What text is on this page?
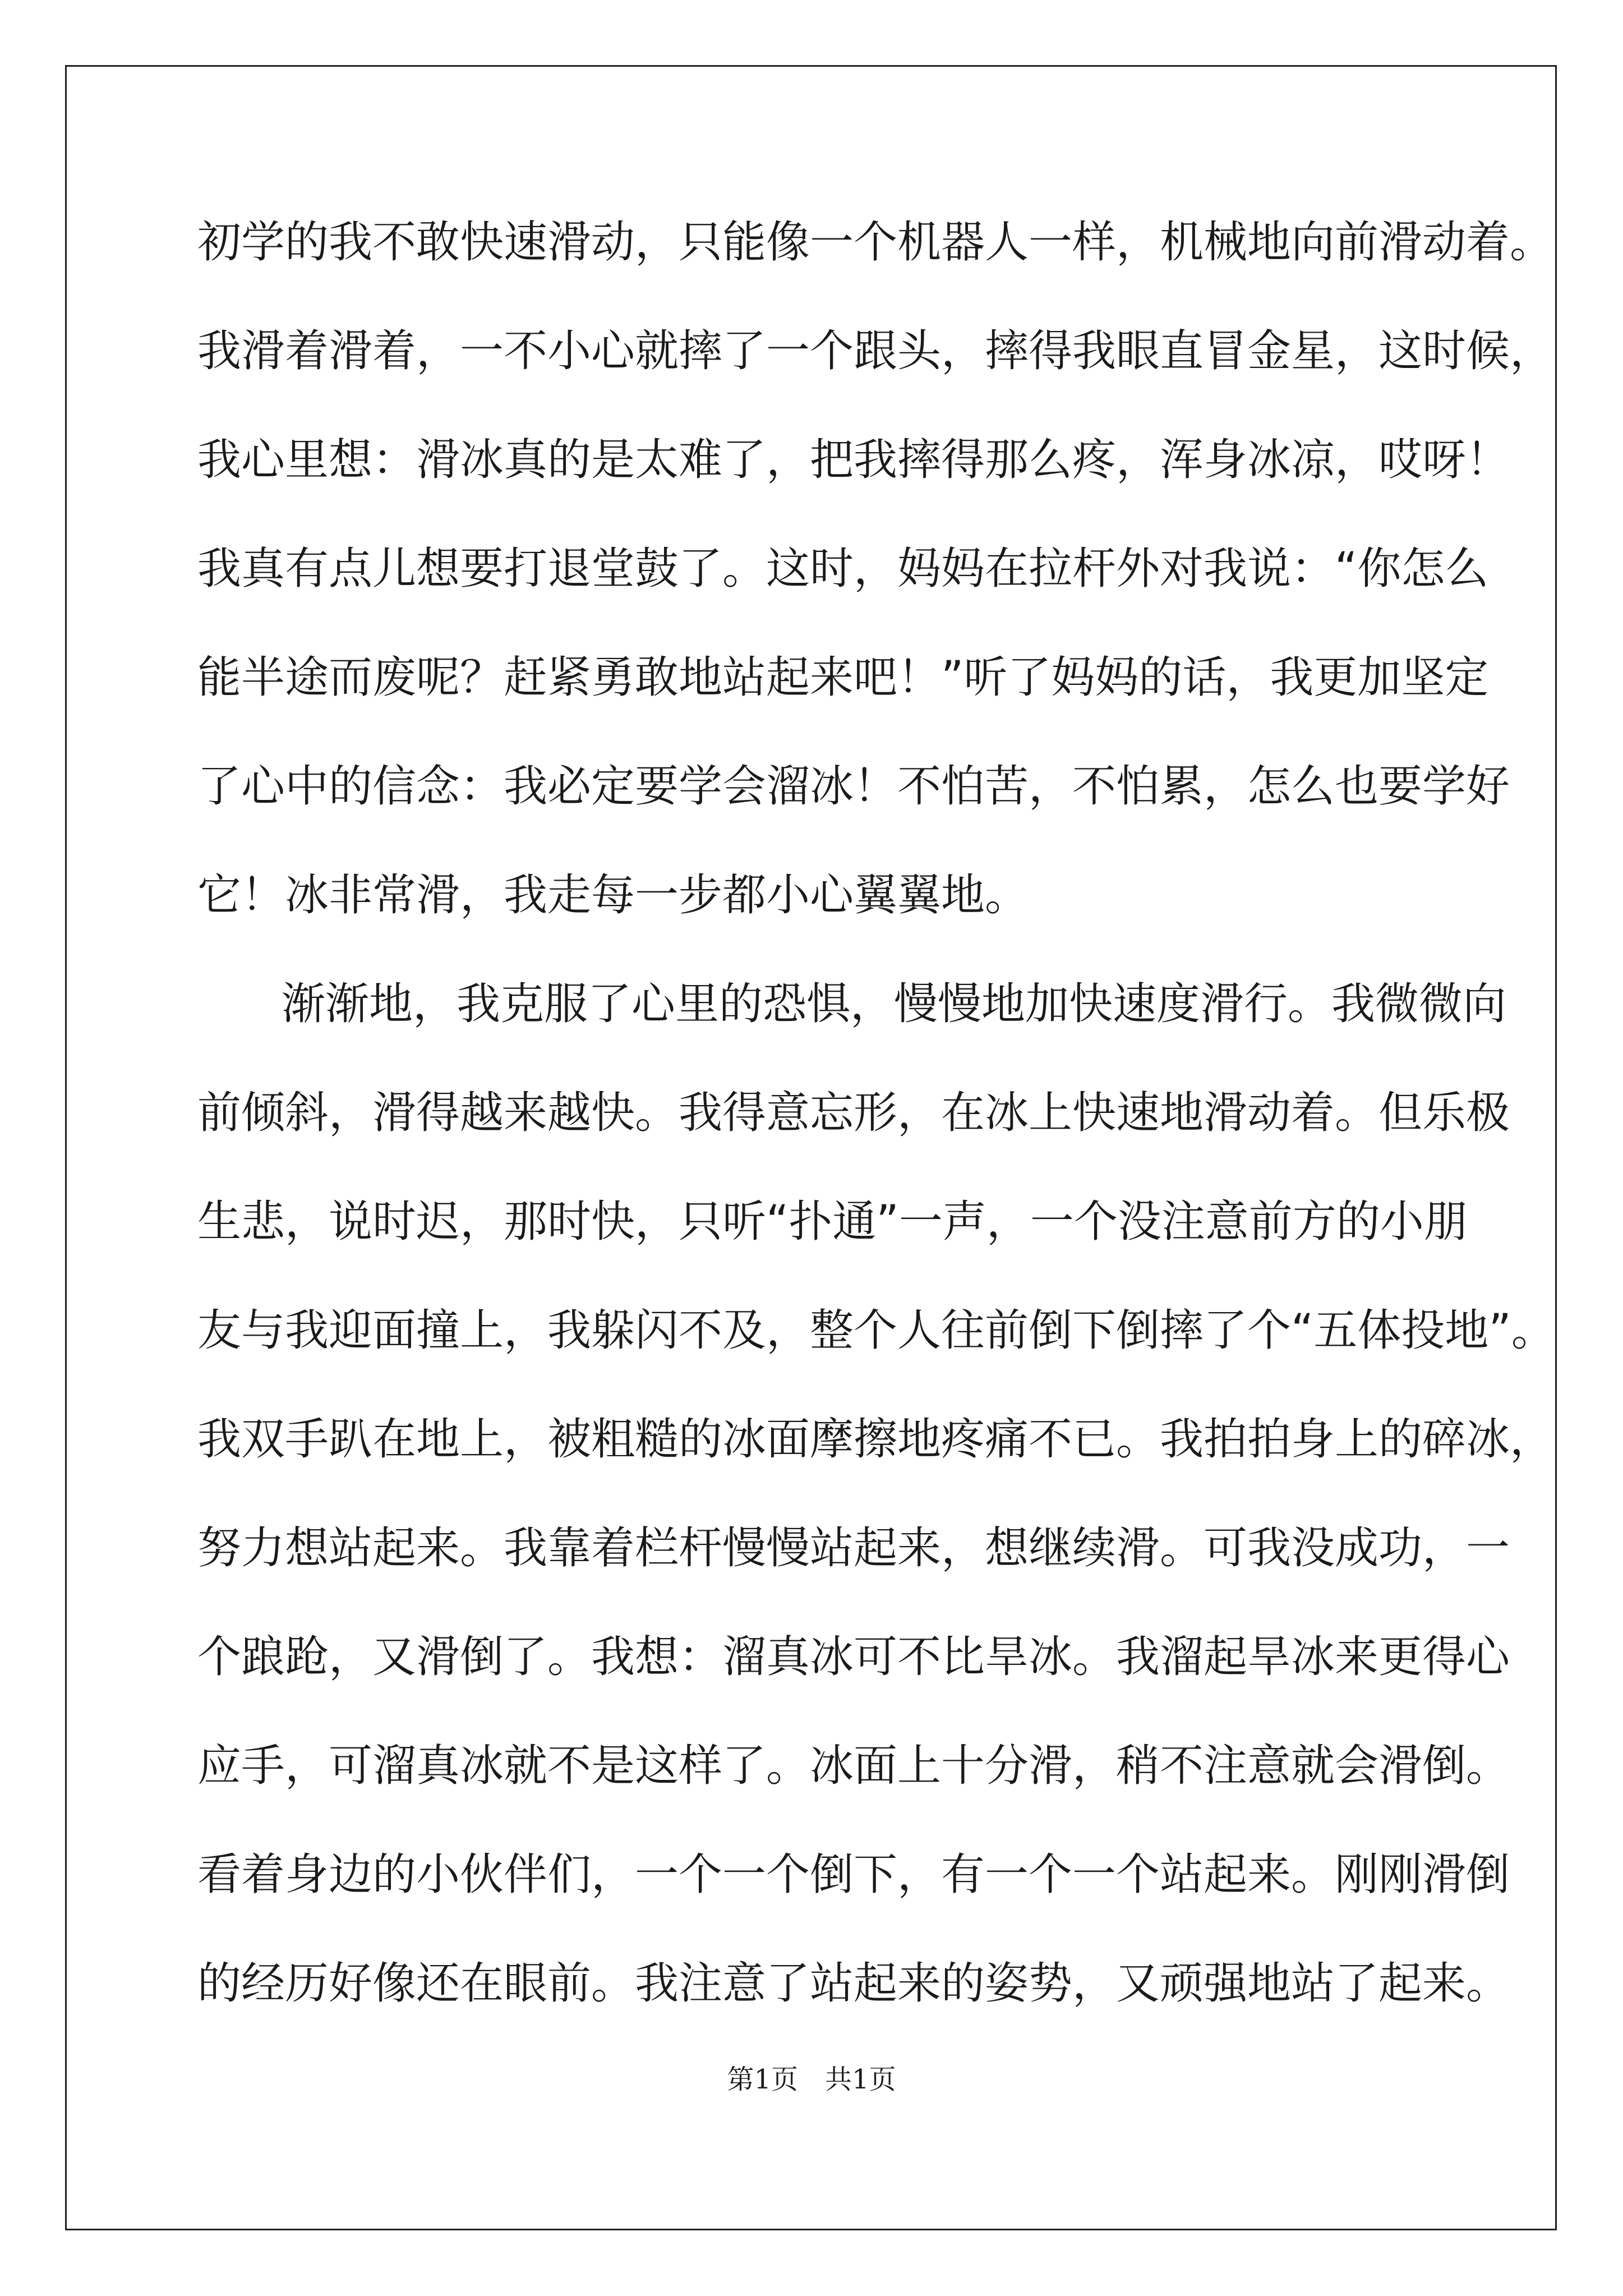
初学的我不敢快速滑动，只能像一个机器人一样，机械地向前滑动着。
我滑着滑着，一不小心就摔了一个跟头，摔得我眼直冒金星，这时候，
我心里想：滑冰真的是太难了，把我摔得那么疼，浑身冰凉，哎呀！
我真有点儿想要打退堂鼓了。这时，妈妈在拉杆外对我说：“你怎么
能半途而废呢？赶紧勇敢地站起来吧！”听了妈妈的话，我更加坚定
了心中的信念：我必定要学会溜冰！不怕苦，不怕累，怎么也要学好
它！冰非常滑，我走每一步都小心翼翼地。
渐渐地，我克服了心里的恐惧，慢慢地加快速度滑行。我微微向
前倾斜，滑得越来越快。我得意忘形，在冰上快速地滑动着。但乐极
生悲，说时迟，那时快，只听“扑通”一声，一个没注意前方的小朋
友与我迎面撞上，我躲闪不及，整个人往前倒下倒摔了个“五体投地”。
我双手趴在地上，被粗糙的冰面摩擦地疼痛不已。我拍拍身上的碎冰，
努力想站起来。我靠着栏杆慢慢站起来，想继续滑。可我没成功，一
个踉跄，又滑倒了。我想：溜真冰可不比旱冰。我溜起旱冰来更得心
应手，可溜真冰就不是这样了。冰面上十分滑，稍不注意就会滑倒。
看着身边的小伙伴们，一个一个倒下，有一个一个站起来。刚刚滑倒
的经历好像还在眼前。我注意了站起来的姿势，又顽强地站了起来。
第1页　共1页
